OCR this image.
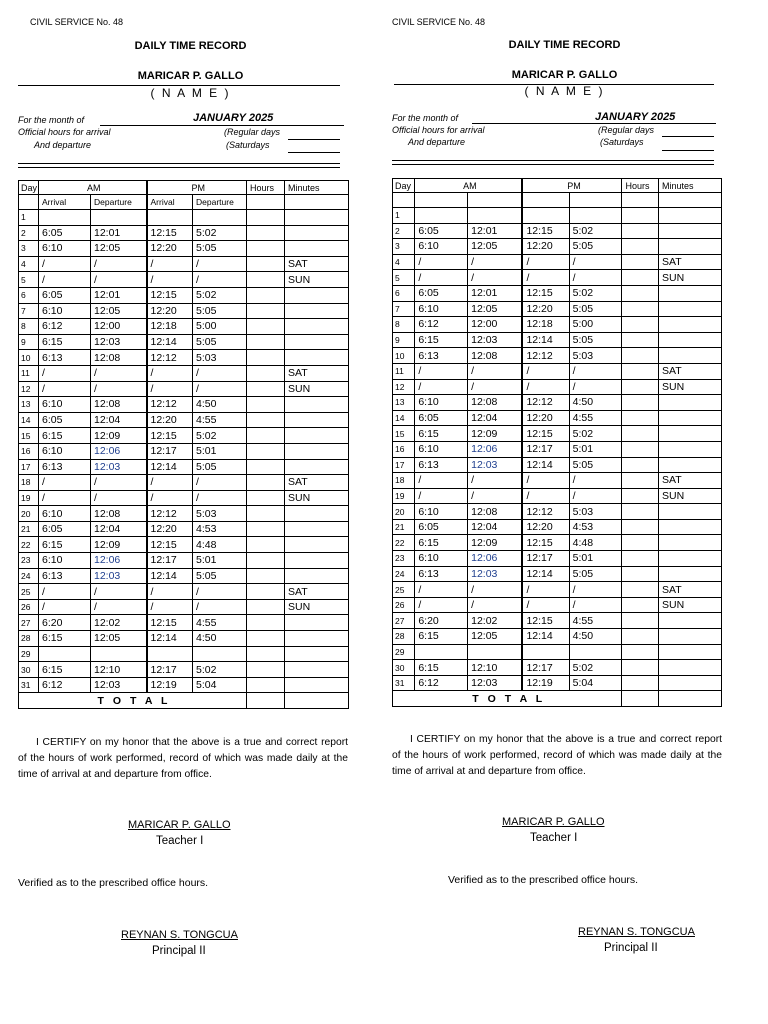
CIVIL SERVICE No. 48
DAILY TIME RECORD
MARICAR P. GALLO
( N A M E )
For the month of	JANUARY 2025
Official hours for arrival
And departure
(Regular days
(Saturdays
Day	AM		PM		Hours	Minutes
	Arrival	Departure	Arrival	Departure		
1						
2	6:05	12:01	12:15	5:02		
3	6:10	12:05	12:20	5:05		
4	/	/	/	/		SAT
5	/	/	/	/		SUN
6	6:05	12:01	12:15	5:02		
7	6:10	12:05	12:20	5:05		
8	6:12	12:00	12:18	5:00		
9	6:15	12:03	12:14	5:05		
10	6:13	12:08	12:12	5:03		
11	/	/	/	/		SAT
12	/	/	/	/		SUN
13	6:10	12:08	12:12	4:50		
14	6:05	12:04	12:20	4:55		
15	6:15	12:09	12:15	5:02		
16	6:10	12:06	12:17	5:01		
17	6:13	12:03	12:14	5:05		
18	/	/	/	/		SAT
19	/	/	/	/		SUN
20	6:10	12:08	12:12	5:03		
21	6:05	12:04	12:20	4:53		
22	6:15	12:09	12:15	4:48		
23	6:10	12:06	12:17	5:01		
24	6:13	12:03	12:14	5:05		
25	/	/	/	/		SAT
26	/	/	/	/		SUN
27	6:20	12:02	12:15	4:55		
28	6:15	12:05	12:14	4:50		
29						
30	6:15	12:10	12:17	5:02		
31	6:12	12:03	12:19	5:04		
T O T A L						
I CERTIFY on my honor that the above is a true and correct report of the hours of work performed, record of which was made daily at the time of arrival at and departure from office.
MARICAR P. GALLO
Teacher I
Verified as to the prescribed office hours.
REYNAN S. TONGCUA
Principal II
CIVIL SERVICE No. 48
DAILY TIME RECORD
MARICAR P. GALLO
( N A M E )
For the month of	JANUARY 2025
Official hours for arrival
And departure
(Regular days
(Saturdays
Day	AM		PM		Hours	Minutes

1						
2	6:05	12:01	12:15	5:02		
3	6:10	12:05	12:20	5:05		
4	/	/	/	/		SAT
5	/	/	/	/		SUN
6	6:05	12:01	12:15	5:02		
7	6:10	12:05	12:20	5:05		
8	6:12	12:00	12:18	5:00		
9	6:15	12:03	12:14	5:05		
10	6:13	12:08	12:12	5:03		
11	/	/	/	/		SAT
12	/	/	/	/		SUN
13	6:10	12:08	12:12	4:50		
14	6:05	12:04	12:20	4:55		
15	6:15	12:09	12:15	5:02		
16	6:10	12:06	12:17	5:01		
17	6:13	12:03	12:14	5:05		
18	/	/	/	/		SAT
19	/	/	/	/		SUN
20	6:10	12:08	12:12	5:03		
21	6:05	12:04	12:20	4:53		
22	6:15	12:09	12:15	4:48		
23	6:10	12:06	12:17	5:01		
24	6:13	12:03	12:14	5:05		
25	/	/	/	/		SAT
26	/	/	/	/		SUN
27	6:20	12:02	12:15	4:55		
28	6:15	12:05	12:14	4:50		
29						
30	6:15	12:10	12:17	5:02		
31	6:12	12:03	12:19	5:04		
T O T A L						
I CERTIFY on my honor that the above is a true and correct report of the hours of work performed, record of which was made daily at the time of arrival at and departure from office.
MARICAR P. GALLO
Teacher I
Verified as to the prescribed office hours.
REYNAN S. TONGCUA
Principal II
